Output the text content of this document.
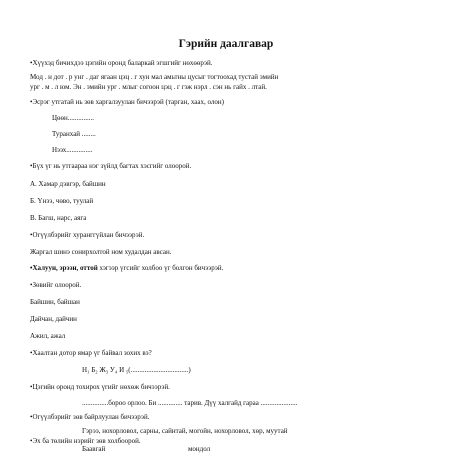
Гэрийн даалгавар
•Хүүхэд бичихдээ цэгийн оронд баларкай эгшгийг нөхөөрэй.
Мод . н дот . р унг . даг ягаан цэц . г хун мал амьтны цусыг тогтоохад тустай эмийн
ург . м . л юм. Эн . эмийн ург . млыг согоон цэц . г гэж нэрл . сэн нь гайх . лтай.
•Эсрэг утгатай нь зөв харгалзуулан бичээрэй (тарган, хаах, олон)
Цөөн...............
Туранхай ........
Нээх...............
•Бүх үг нь утгаараа нэг зүйлд багтах хэсгийг олоорой.
А. Хамар дэвгэр, байшин
Б. Үнээ, чөво, туулай
В. Багш, нарс, аяга
•Огүүлбэрийг хуранггүйлан бичээрэй.
Жаргал шинэ сонирхолтой ном худалдан авсан.
•Халуун, эрээн, оттой хэгээр үгсийг холбоо үг болгон бичээрэй.
•Зөвийг олоорой.
Байшин, байшан
Дайчан, дайчин
Ажил, ажал
•Хаалтан дотор ямар үг байвал зохих вэ?
Н₁ Б₂ Ж₃ У₄ И ₅(.................................)
•Цэгийн оронд тохирох үгийг нөхөж бичээрэй.
...............борoo орлоо. Би .............. тарив. Дүү халгайд гараа .....................
•Огүүлбэрийг зөв байрлуулан бичээрэй.
Гэрээ, нохорловол, сарны, сайнтай, могойн, нохорловол, хөр, муутай
•Эх ба төлийн нэрийг зөв холбоорой.
Баавгай	мондол
